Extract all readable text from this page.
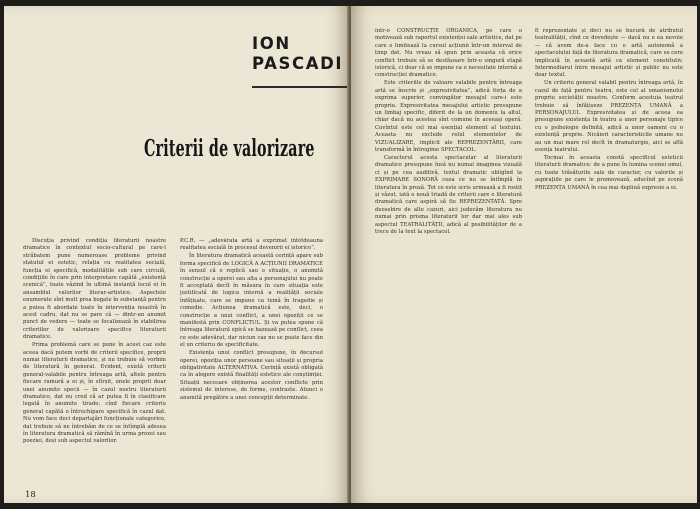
ION PASCADI
Criterii de valorizare

Discuția privind condiția literaturii noastre dramatice în contextul socio-cultural pe care-l străbatem pune numeroase probleme privind statutul ei estetic, relația cu realitatea socială, funcția ei specifică, modalitățile sub care circulă, condițiile în care prin interpretare capătă „existență scenică”, toate văzind în ultimă instanță locul ei în ansamblul valorilor literar-artistice. Aspectele enumerate sînt mult prea bogate în substanță pentru a putea fi abordate toate în intervenția noastră în acest cadru, dat nu se pare că — dintr-un anumit punct de vedere — toate se focalizează în stabilirea criteriilor de valorizare specifice literaturii dramatice.

Prima problemă care se pune în acest caz este aceea dacă putem vorbi de criterii specifice, proprii numai literaturii dramatice, și nu trebuie să vorbim de literatură în general. Evident, există criterii general-valabile pentru întreaga artă, altele pentru fiecare ramură a ei și, în sfîrșit, unele proprii doar unei anumite specii — în cazul nostru literaturii dramatice, dat nu cred că ar putea fi în clasificare legată în anumite tirade; cînd fiecare criteriu general capătă o întruchipare specifică în cazul dat. Nu vom face deci departajări funcționale categorice, dat trebuie să ne întrebăm de ce se întîmplă adesea în literatura dramatică să rămînă în urma prozei sau poeziei, deși sub aspectul valorilor.

P.C.R. — „adevărata artă a exprimat întotdeauna realitatea socială în procesul devenirii ei istorice”.

În literatura dramatică această cerință apare sub forma specifică de LOGICĂ A ACȚIUNII DRAMATICE în sensul că o replică sau o situație, o anumită construcție a operei sau alta a personajului nu poate fi acceptată decît în măsura în care situația este justificată de logica internă a realității sociale înfățișate, care se impune ca temă în tragedie și comedie. Actiunea dramatică este, deci, o construcție a unui conflict, a unei opoziții ce se manifestă prin CONFLICTUL. Și va putea spune că întreaga literatură epică se bazează pe conflict, ceea ce este adevărat, dar niciun caz nu se poate face din el un criteriu de specificitate.

Existența unui conflict presupune, în decursul operei, opoziția unor persoane sau situații și propria obligativitate ALTERNATIVA. Cerință există obligată ca în alegere există finalități estetice ale conștiinței. Situații necesare obținerea acestor conflicte prin sistemul de interese, de forme, contraste. Atunci o anumită pregătire a unei concepții determinate.

18

într-o CONSTRUCȚIE ORGANICĂ, pe care o motivează sub raportul existenței sale artistice, dat pe care o limitează la cursul acțiunii într-un interval de timp dat. Nu vreau să spun prin aceasta că orice conflict trebuie să se desfășoare într-o singură etapă istorică, ci doar că se impune ca o necesitate internă a construcției dramatice.

Este criteriile de valoare valabile pentru întreaga artă se înscrie și „expresivitatea”, adică forța de a exprima superior, convingător mesajul care-i este propriu. Expresivitatea mesajului artistic presupune un limbaj specific, diferit de la un domeniu la altul, chiar dacă nu acestea sînt comune în aceeași operă. Cuvîntul este cel mai esențial element al textului. Aceasta nu exclude rolul elementelor de VIZUALIZARE, implicit ale REPREZENTĂRII, care transformă în întregime SPECTACOL.

Caracterul acesta spectacular al literaturii dramatice presupune însă nu numai imaginea vizuală ci și pe cea auditivă, textul dramatic obligînd la EXPRIMARE SONORĂ ceea ce nu se întîmplă în literatura în proză. Tot ce este scris urmează a fi rostit și văzut, iată o nouă triadă de criterii care o literatură dramatică care aspiră să fie REPREZENTATĂ. Spre deosebire de alte cazuri, aici judecăm literatura nu numai prin prisma literaturii lor dar mai ales sub aspectul TEATRALITĂȚII, adică al posibilităților de a trece de la text la spectacol.

fi reprezentate și deci nu se bucură de atributul teatralității, cînd ce dovedește — dacă nu e ea nevoie — că avem de-a face cu o artă autonomă a spectacolului față de literatura dramatică, care se cere implicată în această artă ca element constitutiv. Intermediarul între mesajul artistic și public nu este doar textul.

Un criteriu general valabil pentru întreaga artă, în cazul de față pentru teatru, este cel al umanismului propriu societății noastre. Conform acestuia teatrul trebuie să înfățișeze PREZENȚA UMANĂ a PERSONAJULUI. Expresivitatea și de aceea ea presupune existența în teatru a unor personaje tipice cu o psihologie definită, adică a unor oameni cu o existență proprie. Nicăieri caracteristicile umane nu au un mai mare rol decît în dramaturgie, aici se află esența teatrului.

Tocmai în aceasta constă specificul esteticii literaturii dramatice: de a pune în lumina scenei omul, cu toate trăsăturile sale de caracter, cu valorile și aspirațiile pe care le promovează, aducînd pe scenă PREZENȚA UMANĂ în cea mai deplină expresie a ei.
